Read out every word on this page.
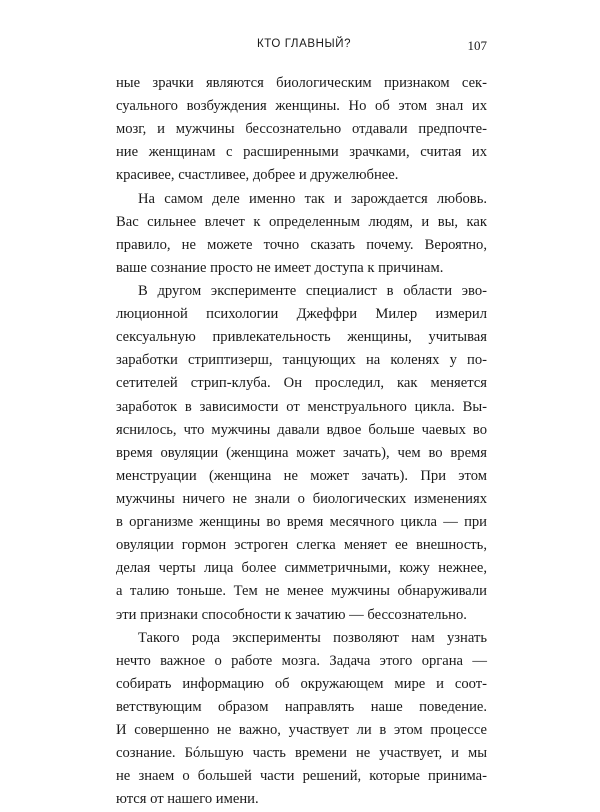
КТО ГЛАВНЫЙ?	107
ные зрачки являются биологическим признаком сек-
суального возбуждения женщины. Но об этом знал их
мозг, и мужчины бессознательно отдавали предпочте-
ние женщинам с расширенными зрачками, считая их
красивее, счастливее, добрее и дружелюбнее.
На самом деле именно так и зарождается любовь.
Вас сильнее влечет к определенным людям, и вы, как
правило, не можете точно сказать почему. Вероятно,
ваше сознание просто не имеет доступа к причинам.
В другом эксперименте специалист в области эво-
люционной психологии Джеффри Милер измерил
сексуальную привлекательность женщины, учитывая
заработки стриптизерш, танцующих на коленях у по-
сетителей стрип-клуба. Он проследил, как меняется
заработок в зависимости от менструального цикла. Вы-
яснилось, что мужчины давали вдвое больше чаевых во
время овуляции (женщина может зачать), чем во время
менструации (женщина не может зачать). При этом
мужчины ничего не знали о биологических изменениях
в организме женщины во время месячного цикла — при
овуляции гормон эстроген слегка меняет ее внешность,
делая черты лица более симметричными, кожу нежнее,
а талию тоньше. Тем не менее мужчины обнаруживали
эти признаки способности к зачатию — бессознательно.
Такого рода эксперименты позволяют нам узнать
нечто важное о работе мозга. Задача этого органа —
собирать информацию об окружающем мире и соот-
ветствующим образом направлять наше поведение.
И совершенно не важно, участвует ли в этом процессе
сознание. Бóльшую часть времени не участвует, и мы
не знаем о большей части решений, которые принима-
ются от нашего имени.
